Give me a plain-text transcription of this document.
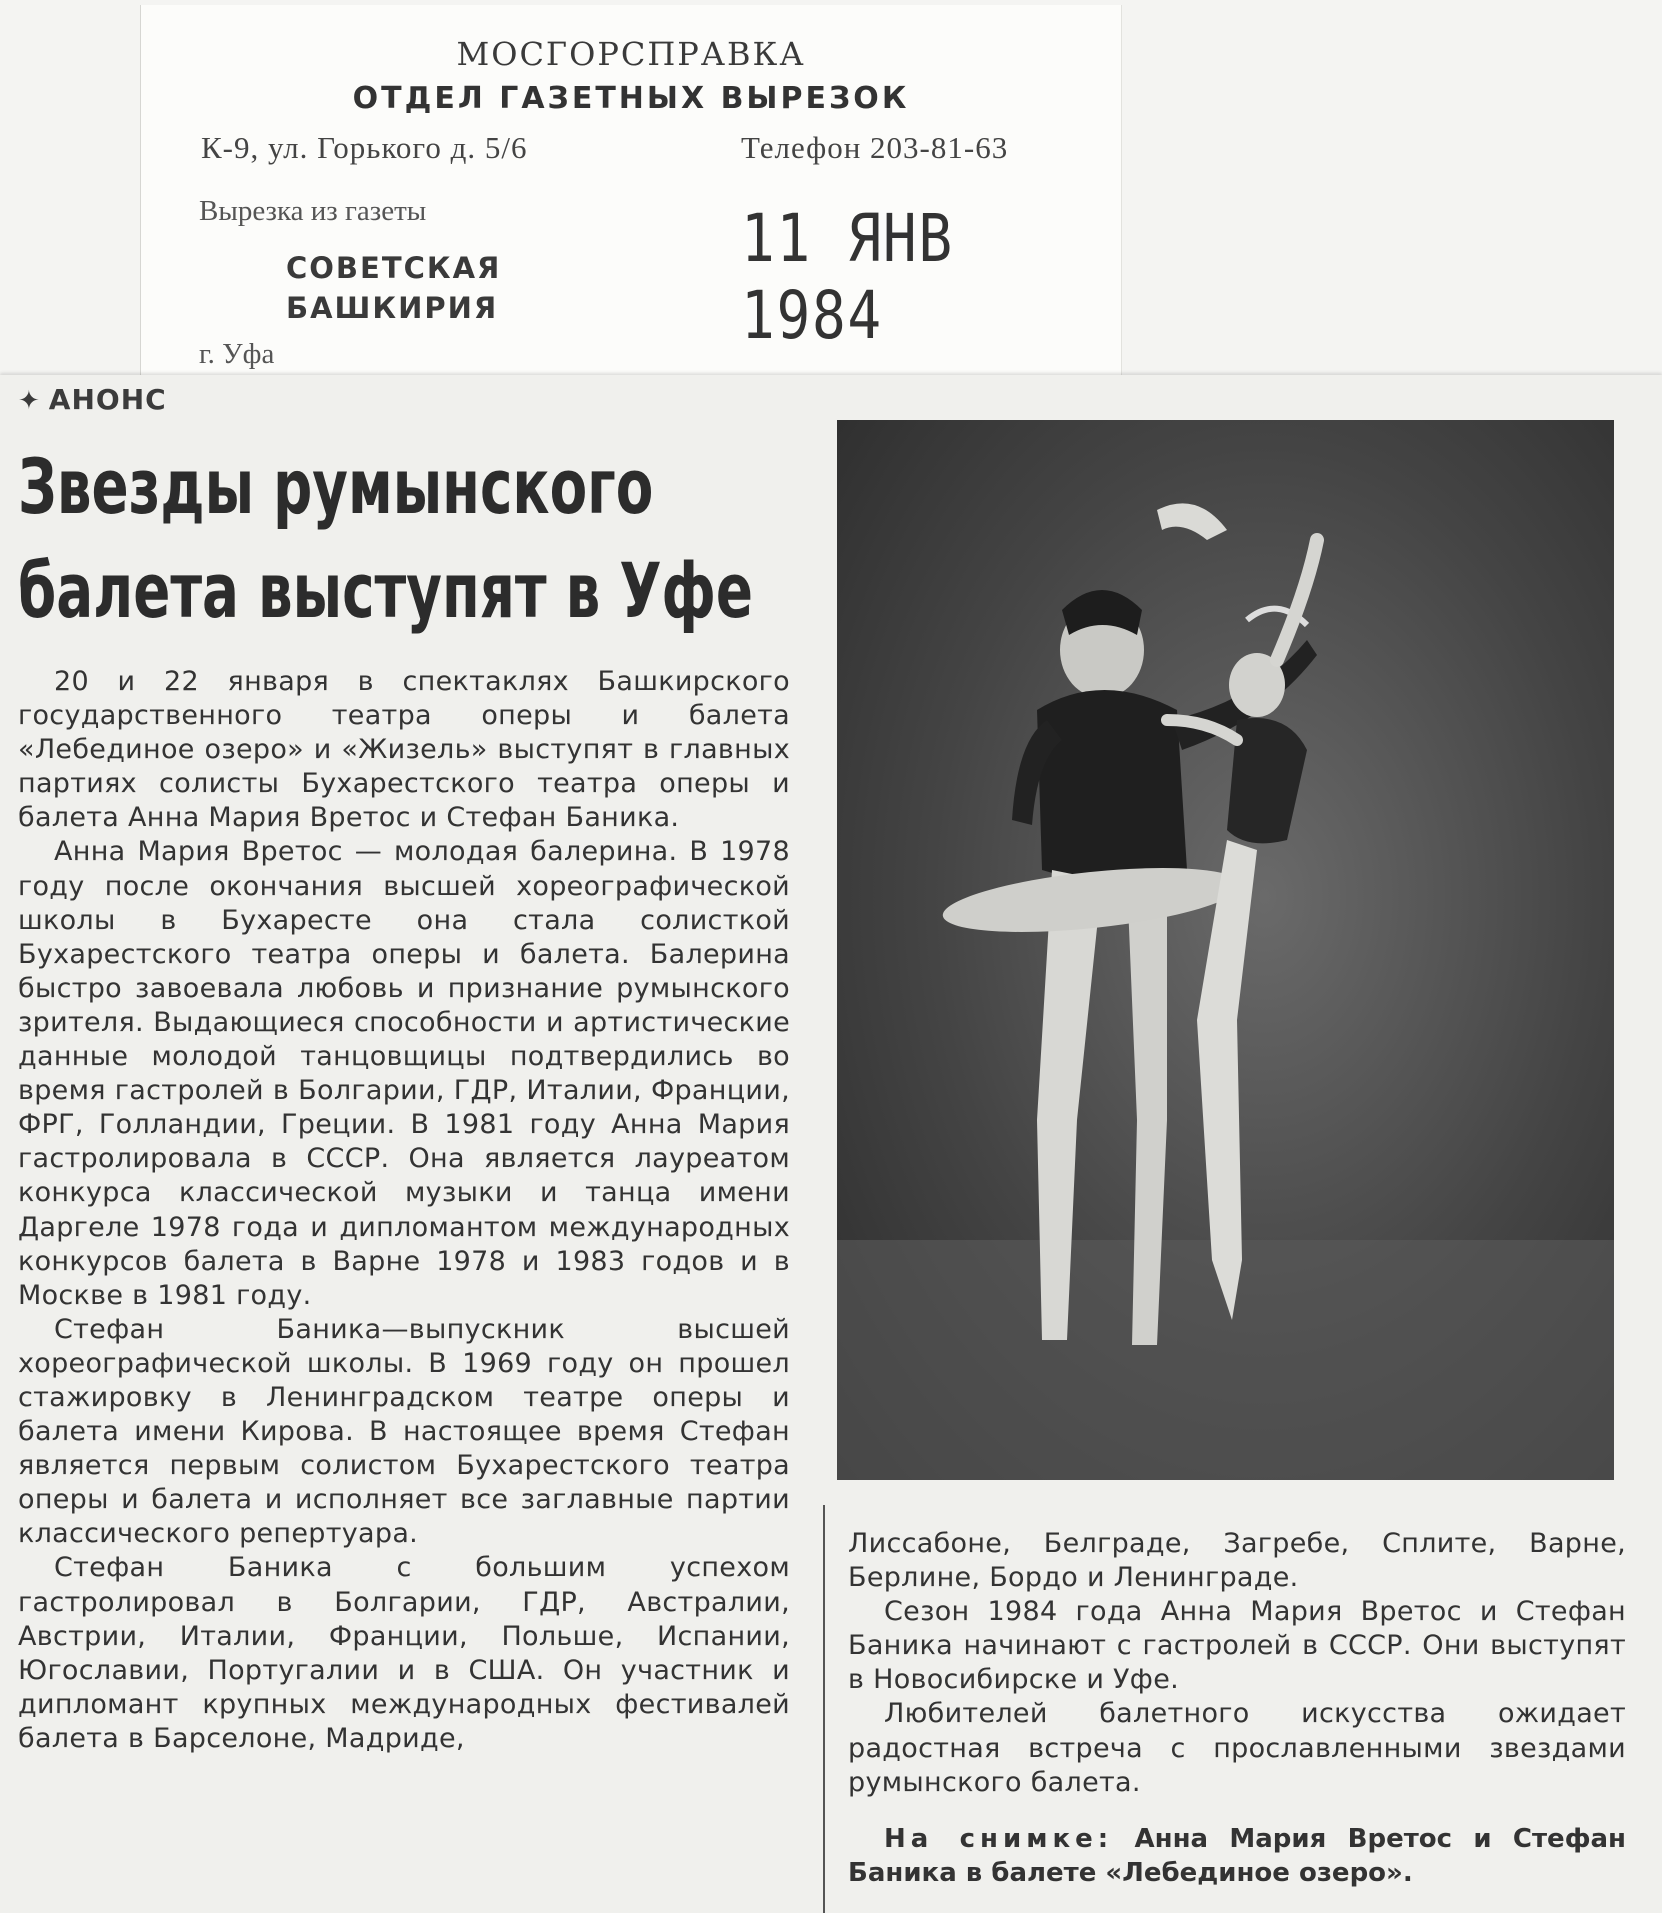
МОСГОРСПРАВКА
ОТДЕЛ ГАЗЕТНЫХ ВЫРЕЗОК
К-9, ул. Горького д. 5/6	Телефон 203-81-63
Вырезка из газеты
СОВЕТСКАЯ
БАШКИРИЯ
г. Уфа
11 ЯНВ 1984
✦ АНОНС
Звезды румынского
балета выступят в Уфе

20 и 22 января в спектаклях Башкирского государственного театра оперы и балета «Лебединое озеро» и «Жизель» выступят в главных партиях солисты Бухарестского театра оперы и балета Анна Мария Вретос и Стефан Баника.

Анна Мария Вретос — молодая балерина. В 1978 году после окончания высшей хореографической школы в Бухаресте она стала солисткой Бухарестского театра оперы и балета. Балерина быстро завоевала любовь и признание румынского зрителя. Выдающиеся способности и артистические данные молодой танцовщицы подтвердились во время гастролей в Болгарии, ГДР, Италии, Франции, ФРГ, Голландии, Греции. В 1981 году Анна Мария гастролировала в СССР. Она является лауреатом конкурса классической музыки и танца имени Даргеле 1978 года и дипломантом международных конкурсов балета в Варне 1978 и 1983 годов и в Москве в 1981 году.

Стефан Баника—выпускник высшей хореографической школы. В 1969 году он прошел стажировку в Ленинградском театре оперы и балета имени Кирова. В настоящее время Стефан является первым солистом Бухарестского театра оперы и балета и исполняет все заглавные партии классического репертуара.

Стефан Баника с большим успехом гастролировал в Болгарии, ГДР, Австралии, Австрии, Италии, Франции, Польше, Испании, Югославии, Португалии и в США. Он участник и дипломант крупных международных фестивалей балета в Барселоне, Мадриде,

Лиссабоне, Белграде, Загребе, Сплите, Варне, Берлине, Бордо и Ленинграде.

Сезон 1984 года Анна Мария Вретос и Стефан Баника начинают с гастролей в СССР. Они выступят в Новосибирске и Уфе.

Любителей балетного искусства ожидает радостная встреча с прославленными звездами румынского балета.

На снимке: Анна Мария Вретос и Стефан Баника в балете «Лебединое озеро».
